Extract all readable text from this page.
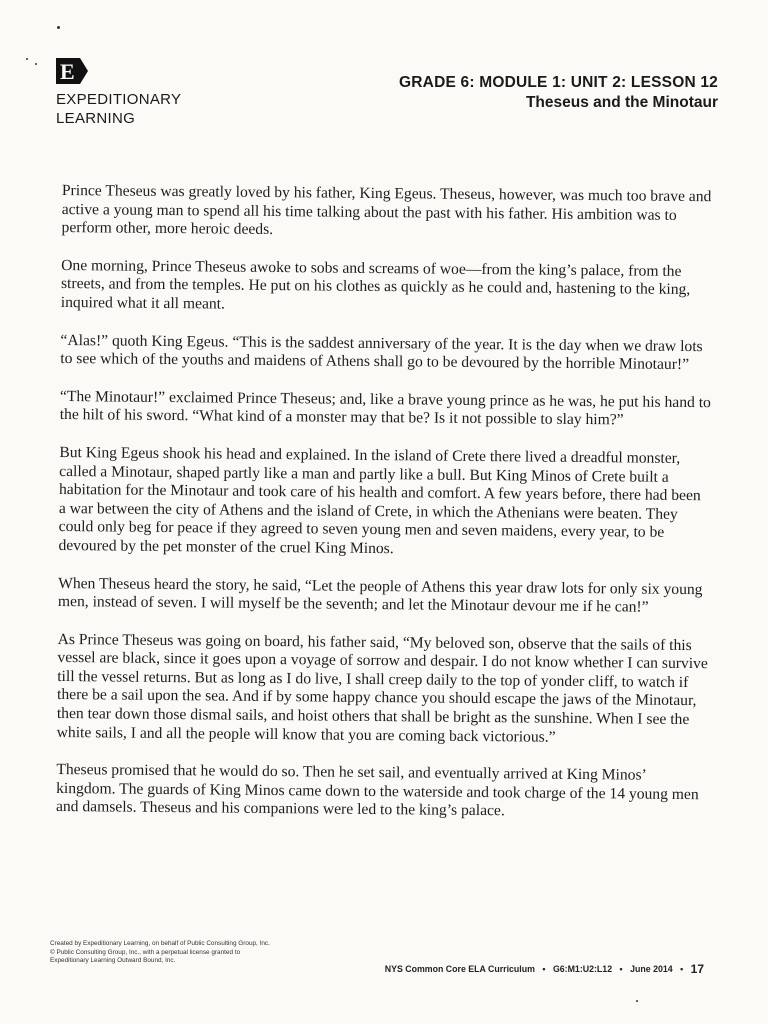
E
EXPEDITIONARY
LEARNING
GRADE 6: MODULE 1: UNIT 2: LESSON 12
Theseus and the Minotaur

Prince Theseus was greatly loved by his father, King Egeus. Theseus, however, was much too brave and active a young man to spend all his time talking about the past with his father. His ambition was to perform other, more heroic deeds.

One morning, Prince Theseus awoke to sobs and screams of woe—from the king’s palace, from the streets, and from the temples. He put on his clothes as quickly as he could and, hastening to the king, inquired what it all meant.

“Alas!” quoth King Egeus. “This is the saddest anniversary of the year. It is the day when we draw lots to see which of the youths and maidens of Athens shall go to be devoured by the horrible Minotaur!”

“The Minotaur!” exclaimed Prince Theseus; and, like a brave young prince as he was, he put his hand to the hilt of his sword. “What kind of a monster may that be? Is it not possible to slay him?”

But King Egeus shook his head and explained. In the island of Crete there lived a dreadful monster, called a Minotaur, shaped partly like a man and partly like a bull. But King Minos of Crete built a habitation for the Minotaur and took care of his health and comfort. A few years before, there had been a war between the city of Athens and the island of Crete, in which the Athenians were beaten. They could only beg for peace if they agreed to seven young men and seven maidens, every year, to be devoured by the pet monster of the cruel King Minos.

When Theseus heard the story, he said, “Let the people of Athens this year draw lots for only six young men, instead of seven. I will myself be the seventh; and let the Minotaur devour me if he can!”

As Prince Theseus was going on board, his father said, “My beloved son, observe that the sails of this vessel are black, since it goes upon a voyage of sorrow and despair. I do not know whether I can survive till the vessel returns. But as long as I do live, I shall creep daily to the top of yonder cliff, to watch if there be a sail upon the sea. And if by some happy chance you should escape the jaws of the Minotaur, then tear down those dismal sails, and hoist others that shall be bright as the sunshine. When I see the white sails, I and all the people will know that you are coming back victorious.”

Theseus promised that he would do so. Then he set sail, and eventually arrived at King Minos’ kingdom. The guards of King Minos came down to the waterside and took charge of the 14 young men and damsels. Theseus and his companions were led to the king’s palace.

Created by Expeditionary Learning, on behalf of Public Consulting Group, Inc.
© Public Consulting Group, Inc., with a perpetual license granted to
Expeditionary Learning Outward Bound, Inc.
NYS Common Core ELA Curriculum • G6:M1:U2:L12 • June 2014 • 17
